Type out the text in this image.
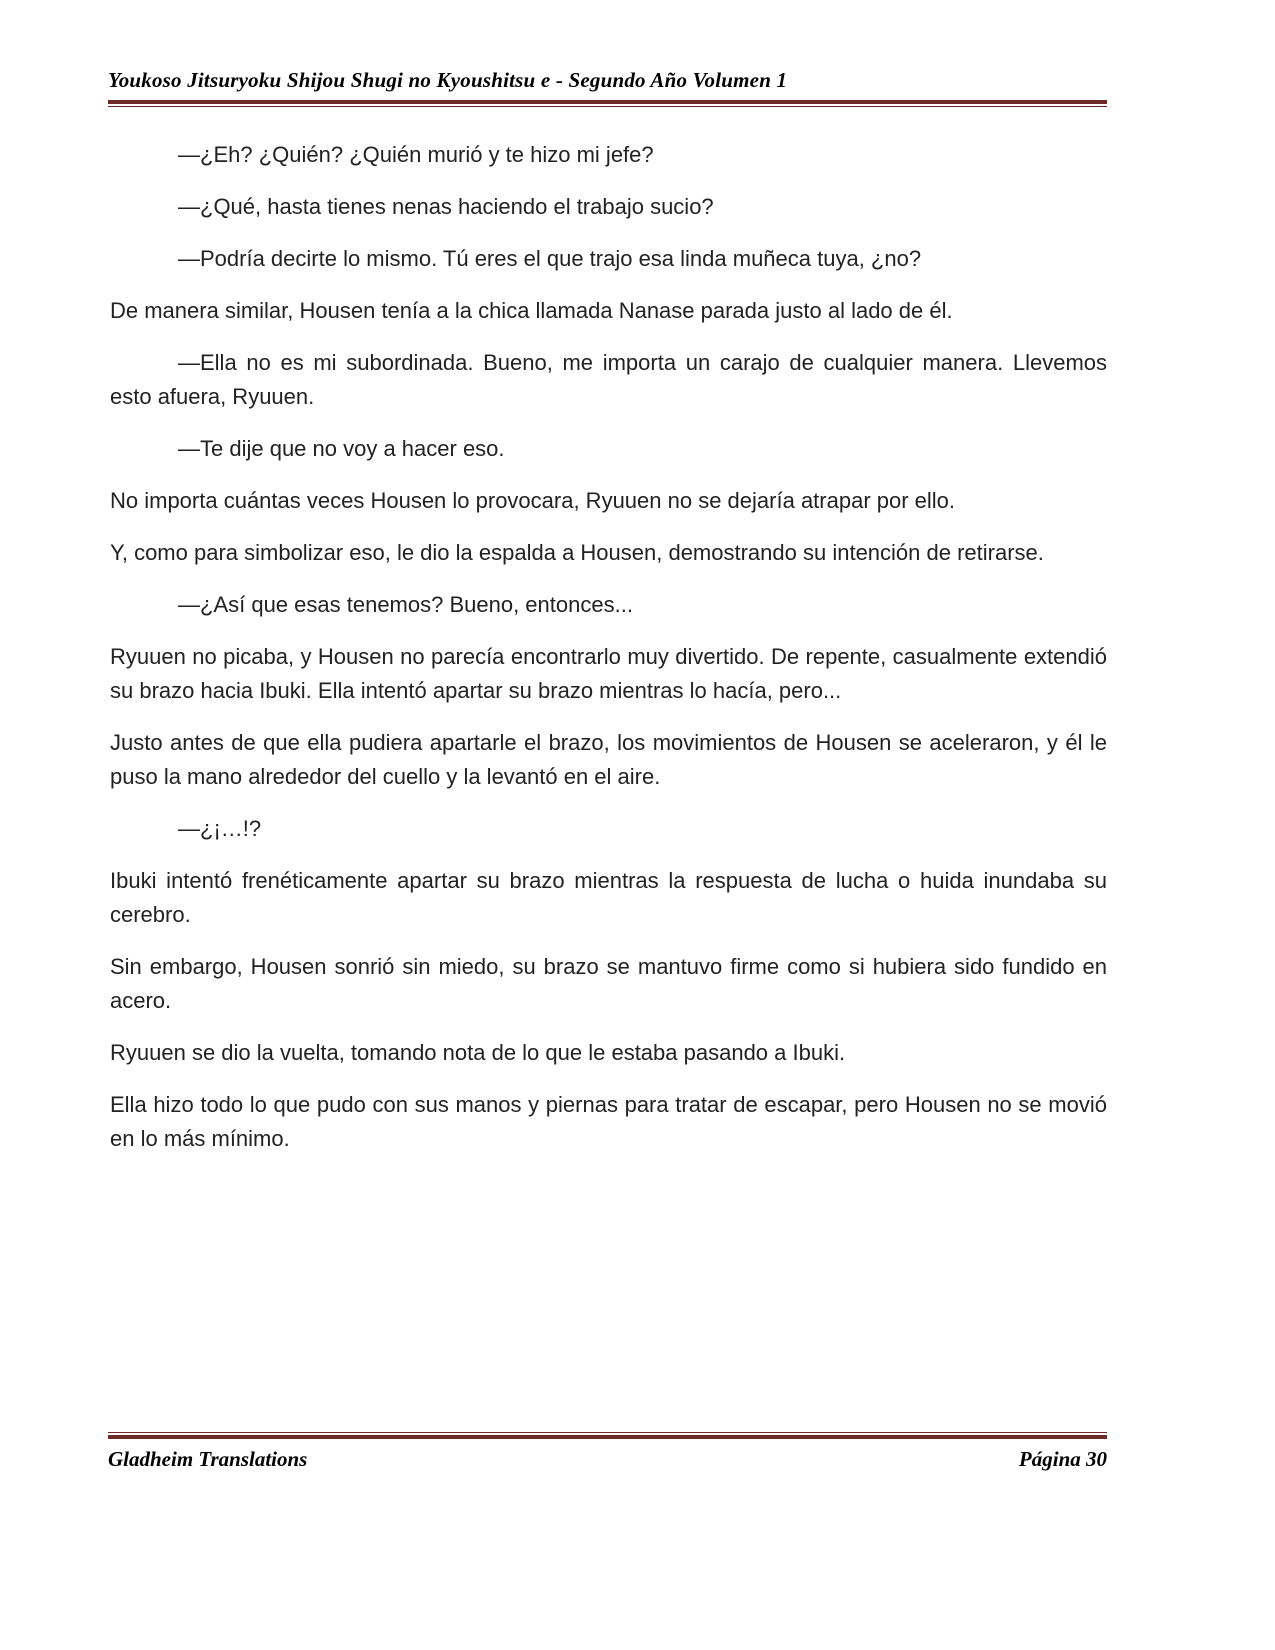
Youkoso Jitsuryoku Shijou Shugi no Kyoushitsu e - Segundo Año Volumen 1

—¿Eh? ¿Quién? ¿Quién murió y te hizo mi jefe?

—¿Qué, hasta tienes nenas haciendo el trabajo sucio?

—Podría decirte lo mismo. Tú eres el que trajo esa linda muñeca tuya, ¿no?

De manera similar, Housen tenía a la chica llamada Nanase parada justo al lado de él.

—Ella no es mi subordinada. Bueno, me importa un carajo de cualquier manera. Llevemos esto afuera, Ryuuen.

—Te dije que no voy a hacer eso.

No importa cuántas veces Housen lo provocara, Ryuuen no se dejaría atrapar por ello.

Y, como para simbolizar eso, le dio la espalda a Housen, demostrando su intención de retirarse.

—¿Así que esas tenemos? Bueno, entonces...

Ryuuen no picaba, y Housen no parecía encontrarlo muy divertido. De repente, casualmente extendió su brazo hacia Ibuki. Ella intentó apartar su brazo mientras lo hacía, pero...

Justo antes de que ella pudiera apartarle el brazo, los movimientos de Housen se aceleraron, y él le puso la mano alrededor del cuello y la levantó en el aire.

—¿¡…!?

Ibuki intentó frenéticamente apartar su brazo mientras la respuesta de lucha o huida inundaba su cerebro.

Sin embargo, Housen sonrió sin miedo, su brazo se mantuvo firme como si hubiera sido fundido en acero.

Ryuuen se dio la vuelta, tomando nota de lo que le estaba pasando a Ibuki.

Ella hizo todo lo que pudo con sus manos y piernas para tratar de escapar, pero Housen no se movió en lo más mínimo.

Gladheim Translations	Página 30
